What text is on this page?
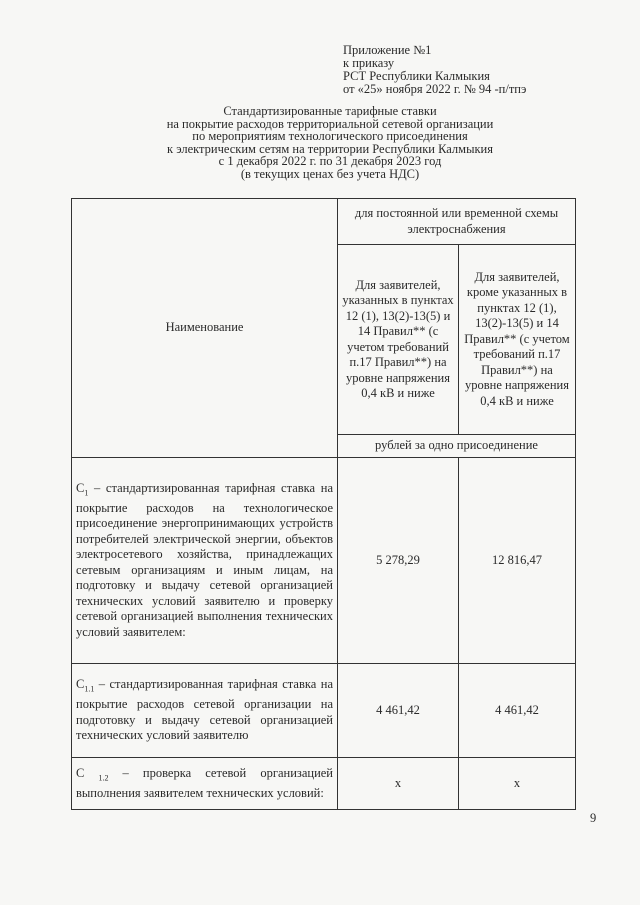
Приложение №1
к приказу
РСТ Республики Калмыкия
от «25» ноября 2022 г. № 94 -п/тпэ
Стандартизированные тарифные ставки
на покрытие расходов территориальной сетевой организации
по мероприятиям технологического присоединения
к электрическим сетям на территории Республики Калмыкия
с 1 декабря 2022 г. по 31 декабря 2023 год
(в текущих ценах без учета НДС)
Наименование	для постоянной или временной схемы электроснабжения	
	Для заявителей, указанных в пунктах 12 (1), 13(2)-13(5) и 14 Правил** (с учетом требований п.17 Правил**) на уровне напряжения 0,4 кВ и ниже	Для заявителей, кроме указанных в пунктах 12 (1), 13(2)-13(5) и 14 Правил** (с учетом требований п.17 Правил**) на уровне напряжения 0,4 кВ и ниже
	рублей за одно присоединение	
$С_1$ – стандартизированная тарифная ставка на покрытие расходов на технологическое присоединение энергопринимающих устройств потребителей электрической энергии, объектов электросетевого хозяйства, принадлежащих сетевым организациям и иным лицам, на подготовку и выдачу сетевой организацией технических условий заявителю и проверку сетевой организацией выполнения технических условий заявителем:	5 278,29	12 816,47
$С_{1.1}$ – стандартизированная тарифная ставка на покрытие расходов сетевой организации на подготовку и выдачу сетевой организацией технических условий заявителю	4 461,42	4 461,42
С $_{1.2}$ – проверка сетевой организацией выполнения заявителем технических условий:	х	х
9
